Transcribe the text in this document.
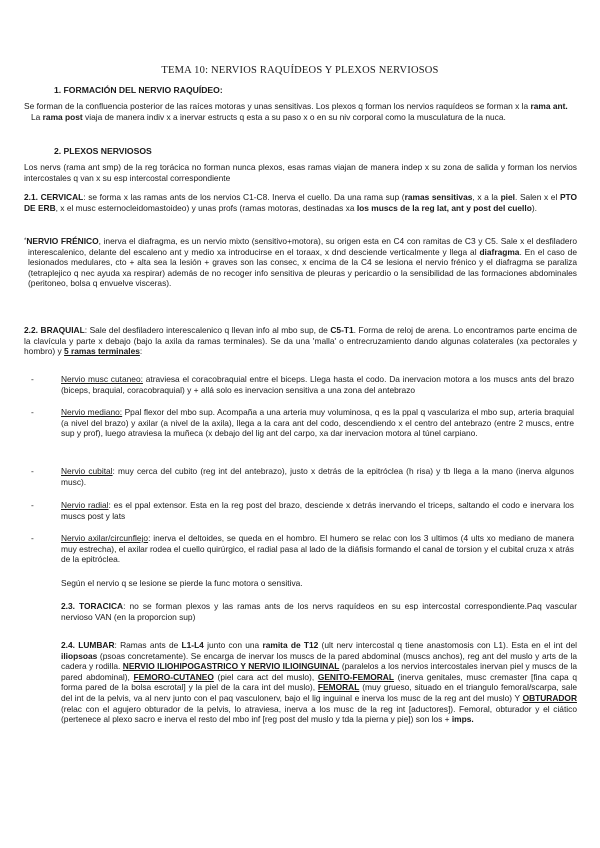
TEMA 10: NERVIOS RAQUÍDEOS Y PLEXOS NERVIOSOS

1. FORMACIÓN DEL NERVIO RAQUÍDEO:

Se forman de la confluencia posterior de las raíces motoras y unas sensitivas. Los plexos q forman los nervios raquídeos se forman x la rama ant.
La rama post viaja de manera indiv x a inervar estructs q esta a su paso x o en su niv corporal como la musculatura de la nuca.

2. PLEXOS NERVIOSOS

Los nervs (rama ant smp) de la reg torácica no forman nunca plexos, esas ramas viajan de manera indep x su zona de salida y forman los nervios intercostales q van x su esp intercostal correspondiente

2.1. CERVICAL: se forma x las ramas ants de los nervios C1-C8. Inerva el cuello. Da una rama sup (ramas sensitivas, x a la piel. Salen x el PTO DE ERB, x el musc esternocleidomastoideo) y unas profs (ramas motoras, destinadas xa los muscs de la reg lat, ant y post del cuello).

*NERVIO FRÉNICO, inerva el diafragma, es un nervio mixto (sensitivo+motora), su origen esta en C4 con ramitas de C3 y C5. Sale x el desfiladero interescalenico, delante del escaleno ant y medio xa introducirse en el toraax, x dnd desciende verticalmente y llega al diafragma. En el caso de lesionados medulares, cto + alta sea la lesión + graves son las consec, x encima de la C4 se lesiona el nervio frénico y el diafragma se paraliza (tetraplejico q nec ayuda xa respirar) además de no recoger info sensitiva de pleuras y pericardio o la sensibilidad de las formaciones abdominales (peritoneo, bolsa q envuelve visceras).

2.2. BRAQUIAL: Sale del desfiladero interescalenico q llevan info al mbo sup, de C5-T1. Forma de reloj de arena. Lo encontramos parte encima de la clavícula y parte x debajo (bajo la axila da ramas terminales). Se da una 'malla' o entrecruzamiento dando algunas colaterales (xa pectorales y hombro) y 5 ramas terminales:

-	Nervio musc cutaneo: atraviesa el coracobraquial entre el biceps. Llega hasta el codo. Da inervacion motora a los muscs ants del brazo (biceps, braquial, coracobraquial) y + allá solo es inervacion sensitiva a una zona del antebrazo
-	Nervio mediano: Ppal flexor del mbo sup. Acompaña a una arteria muy voluminosa, q es la ppal q vasculariza el mbo sup, arteria braquial (a nivel del brazo) y axilar (a nivel de la axila), llega a la cara ant del codo, descendiendo x el centro del antebrazo (entre 2 muscs, entre sup y prof), luego atraviesa la muñeca (x debajo del lig ant del carpo, xa dar inervacion motora al túnel carpiano.
-	Nervio cubital: muy cerca del cubito (reg int del antebrazo), justo x detrás de la epitróclea (h risa) y tb llega a la mano (inerva algunos musc).
-	Nervio radial: es el ppal extensor. Esta en la reg post del brazo, desciende x detrás inervando el triceps, saltando el codo e inervara los muscs post y lats
-	Nervio axilar/circunflejo: inerva el deltoides, se queda en el hombro. El humero se relac con los 3 ultimos (4 ults xo mediano de manera muy estrecha), el axilar rodea el cuello quirúrgico, el radial pasa al lado de la diáfisis formando el canal de torsion y el cubital cruza x atrás de la epitróclea.

Según el nervio q se lesione se pierde la func motora o sensitiva.

2.3. TORACICA: no se forman plexos y las ramas ants de los nervs raquídeos en su esp intercostal correspondiente.Paq vascular nervioso VAN (en la proporcion sup)

2.4. LUMBAR: Ramas ants de L1-L4 junto con una ramita de T12 (ult nerv intercostal q tiene anastomosis con L1). Esta en el int del iliopsoas (psoas concretamente). Se encarga de inervar los muscs de la pared abdominal (muscs anchos), reg ant del muslo y arts de la cadera y rodilla. NERVIO ILIOHIPOGASTRICO Y NERVIO ILIOINGUINAL (paralelos a los nervios intercostales inervan piel y muscs de la pared abdominal), FEMORO-CUTANEO (piel cara act del muslo), GENITO-FEMORAL (inerva genitales, musc cremaster [fina capa q forma pared de la bolsa escrotal] y la piel de la cara int del muslo), FEMORAL (muy grueso, situado en el triangulo femoral/scarpa, sale del int de la pelvis, va al nerv junto con el paq vasculonerv, bajo el lig inguinal e inerva los musc de la reg ant del muslo) Y OBTURADOR (relac con el agujero obturador de la pelvis, lo atraviesa, inerva a los musc de la reg int [aductores]). Femoral, obturador y el ciático (pertenece al plexo sacro e inerva el resto del mbo inf [reg post del muslo y tda la pierna y pie]) son los + imps.
